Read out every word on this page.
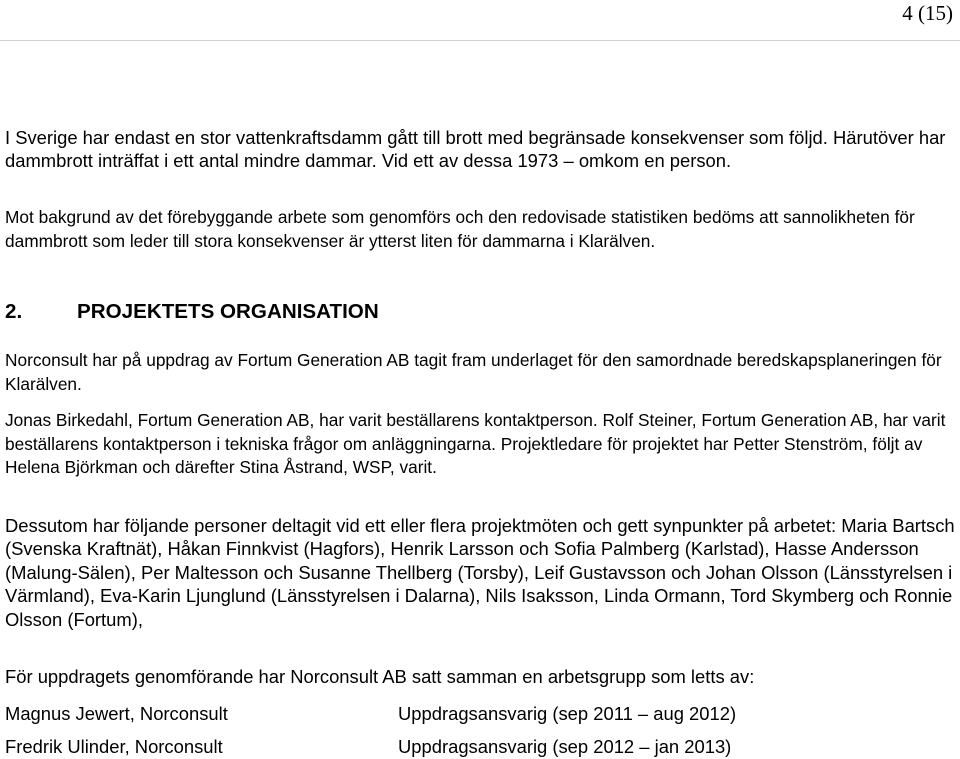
4 (15)
I Sverige har endast en stor vattenkraftsdamm gått till brott med begränsade konsekvenser som följd. Härutöver har dammbrott inträffat i ett antal mindre dammar. Vid ett av dessa 1973 – omkom en person.
Mot bakgrund av det förebyggande arbete som genomförs och den redovisade statistiken bedöms att sannolikheten för dammbrott som leder till stora konsekvenser är ytterst liten för dammarna i Klarälven.
2.	PROJEKTETS ORGANISATION
Norconsult har på uppdrag av Fortum Generation AB tagit fram underlaget för den samordnade beredskapsplaneringen för Klarälven.
Jonas Birkedahl, Fortum Generation AB, har varit beställarens kontaktperson. Rolf Steiner, Fortum Generation AB, har varit beställarens kontaktperson i tekniska frågor om anläggningarna. Projektledare för projektet har Petter Stenström, följt av Helena Björkman och därefter Stina Åstrand, WSP, varit.
Dessutom har följande personer deltagit vid ett eller flera projektmöten och gett synpunkter på arbetet: Maria Bartsch (Svenska Kraftnät), Håkan Finnkvist (Hagfors), Henrik Larsson och Sofia Palmberg (Karlstad), Hasse Andersson (Malung-Sälen), Per Maltesson och Susanne Thellberg (Torsby), Leif Gustavsson och Johan Olsson (Länsstyrelsen i Värmland), Eva-Karin Ljunglund (Länsstyrelsen i Dalarna), Nils Isaksson, Linda Ormann, Tord Skymberg och Ronnie Olsson (Fortum),
För uppdragets genomförande har Norconsult AB satt samman en arbetsgrupp som letts av:
Magnus Jewert, Norconsult	Uppdragsansvarig (sep 2011 – aug 2012)
Fredrik Ulinder, Norconsult	Uppdragsansvarig (sep 2012 – jan 2013)
